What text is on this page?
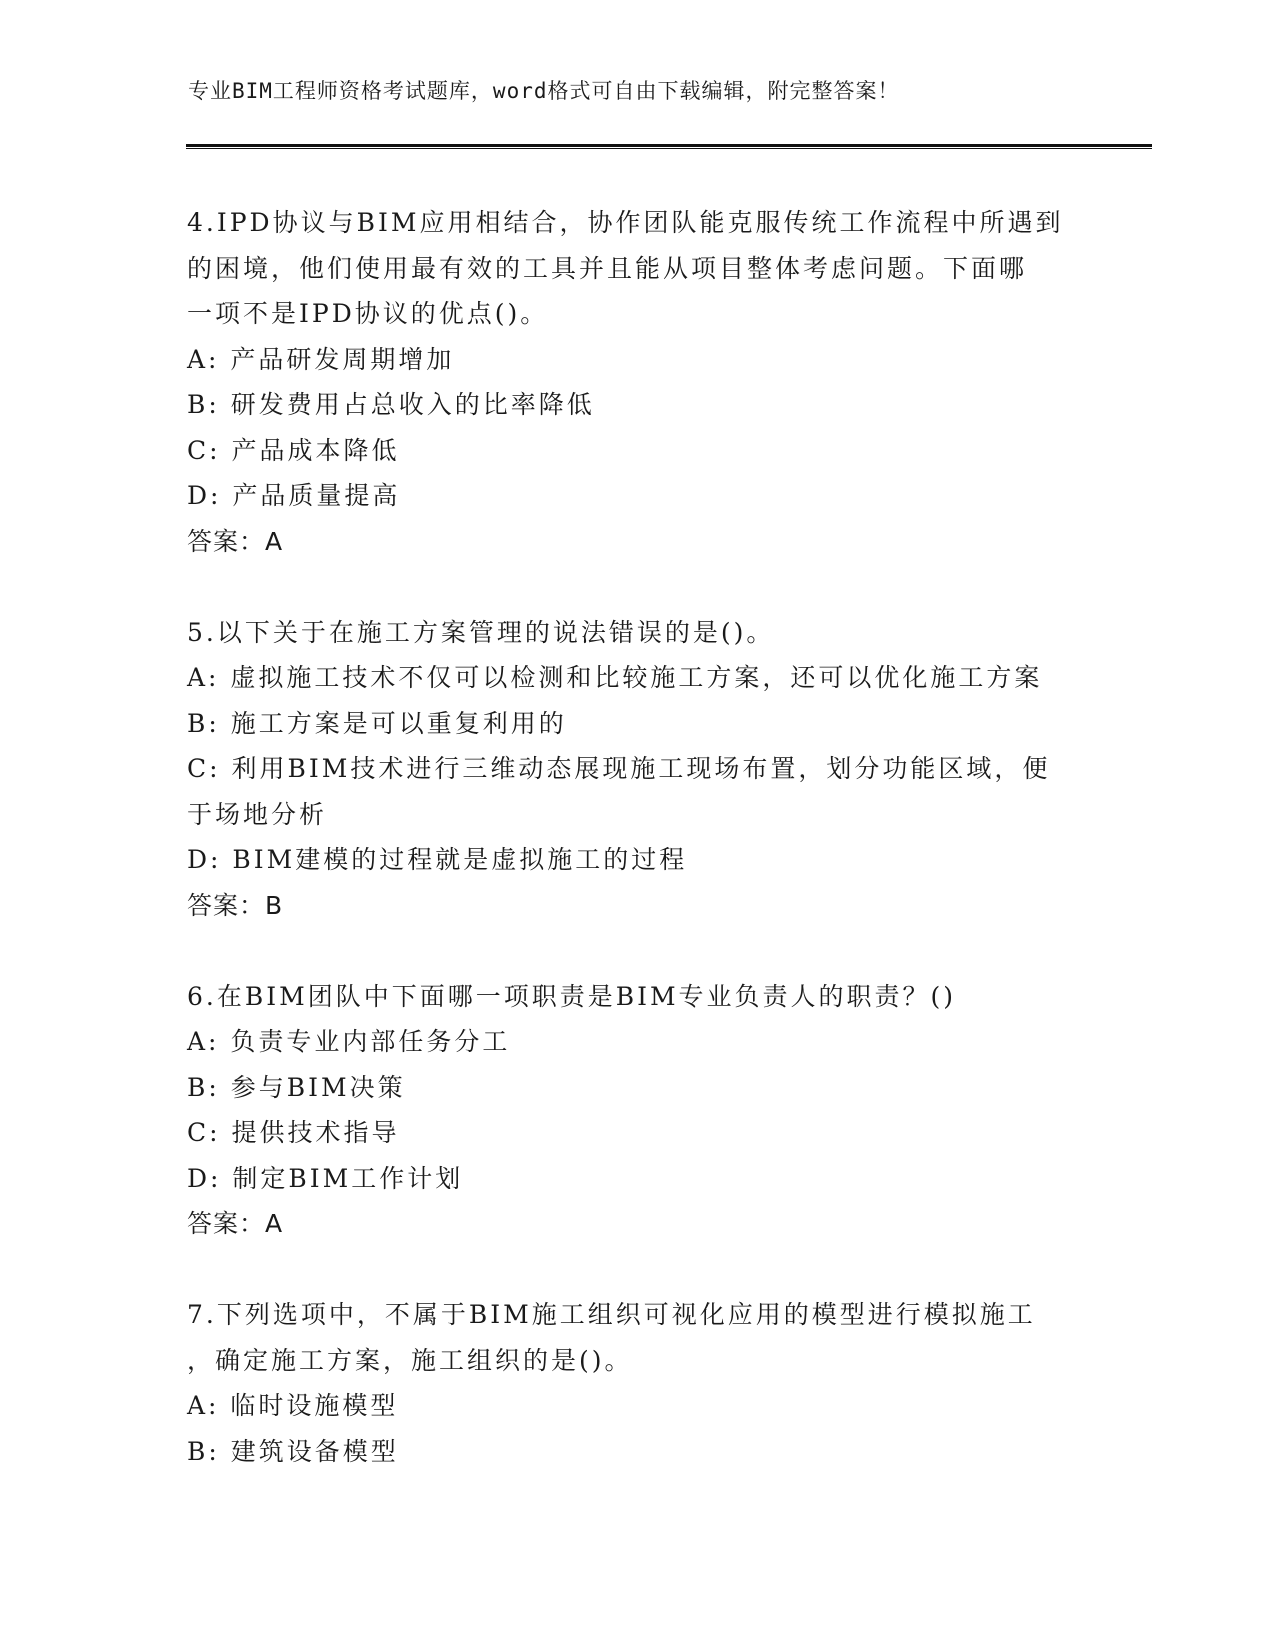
专业BIM工程师资格考试题库，word格式可自由下载编辑，附完整答案！
4.IPD协议与BIM应用相结合，协作团队能克服传统工作流程中所遇到
的困境，他们使用最有效的工具并且能从项目整体考虑问题。下面哪
一项不是IPD协议的优点()。
A: 产品研发周期增加
B: 研发费用占总收入的比率降低
C: 产品成本降低
D: 产品质量提高
答案：A
5.以下关于在施工方案管理的说法错误的是()。
A: 虚拟施工技术不仅可以检测和比较施工方案，还可以优化施工方案
B: 施工方案是可以重复利用的
C: 利用BIM技术进行三维动态展现施工现场布置，划分功能区域，便
于场地分析
D: BIM建模的过程就是虚拟施工的过程
答案：B
6.在BIM团队中下面哪一项职责是BIM专业负责人的职责？()
A: 负责专业内部任务分工
B: 参与BIM决策
C: 提供技术指导
D: 制定BIM工作计划
答案：A
7.下列选项中，不属于BIM施工组织可视化应用的模型进行模拟施工
，确定施工方案，施工组织的是()。
A: 临时设施模型
B: 建筑设备模型
